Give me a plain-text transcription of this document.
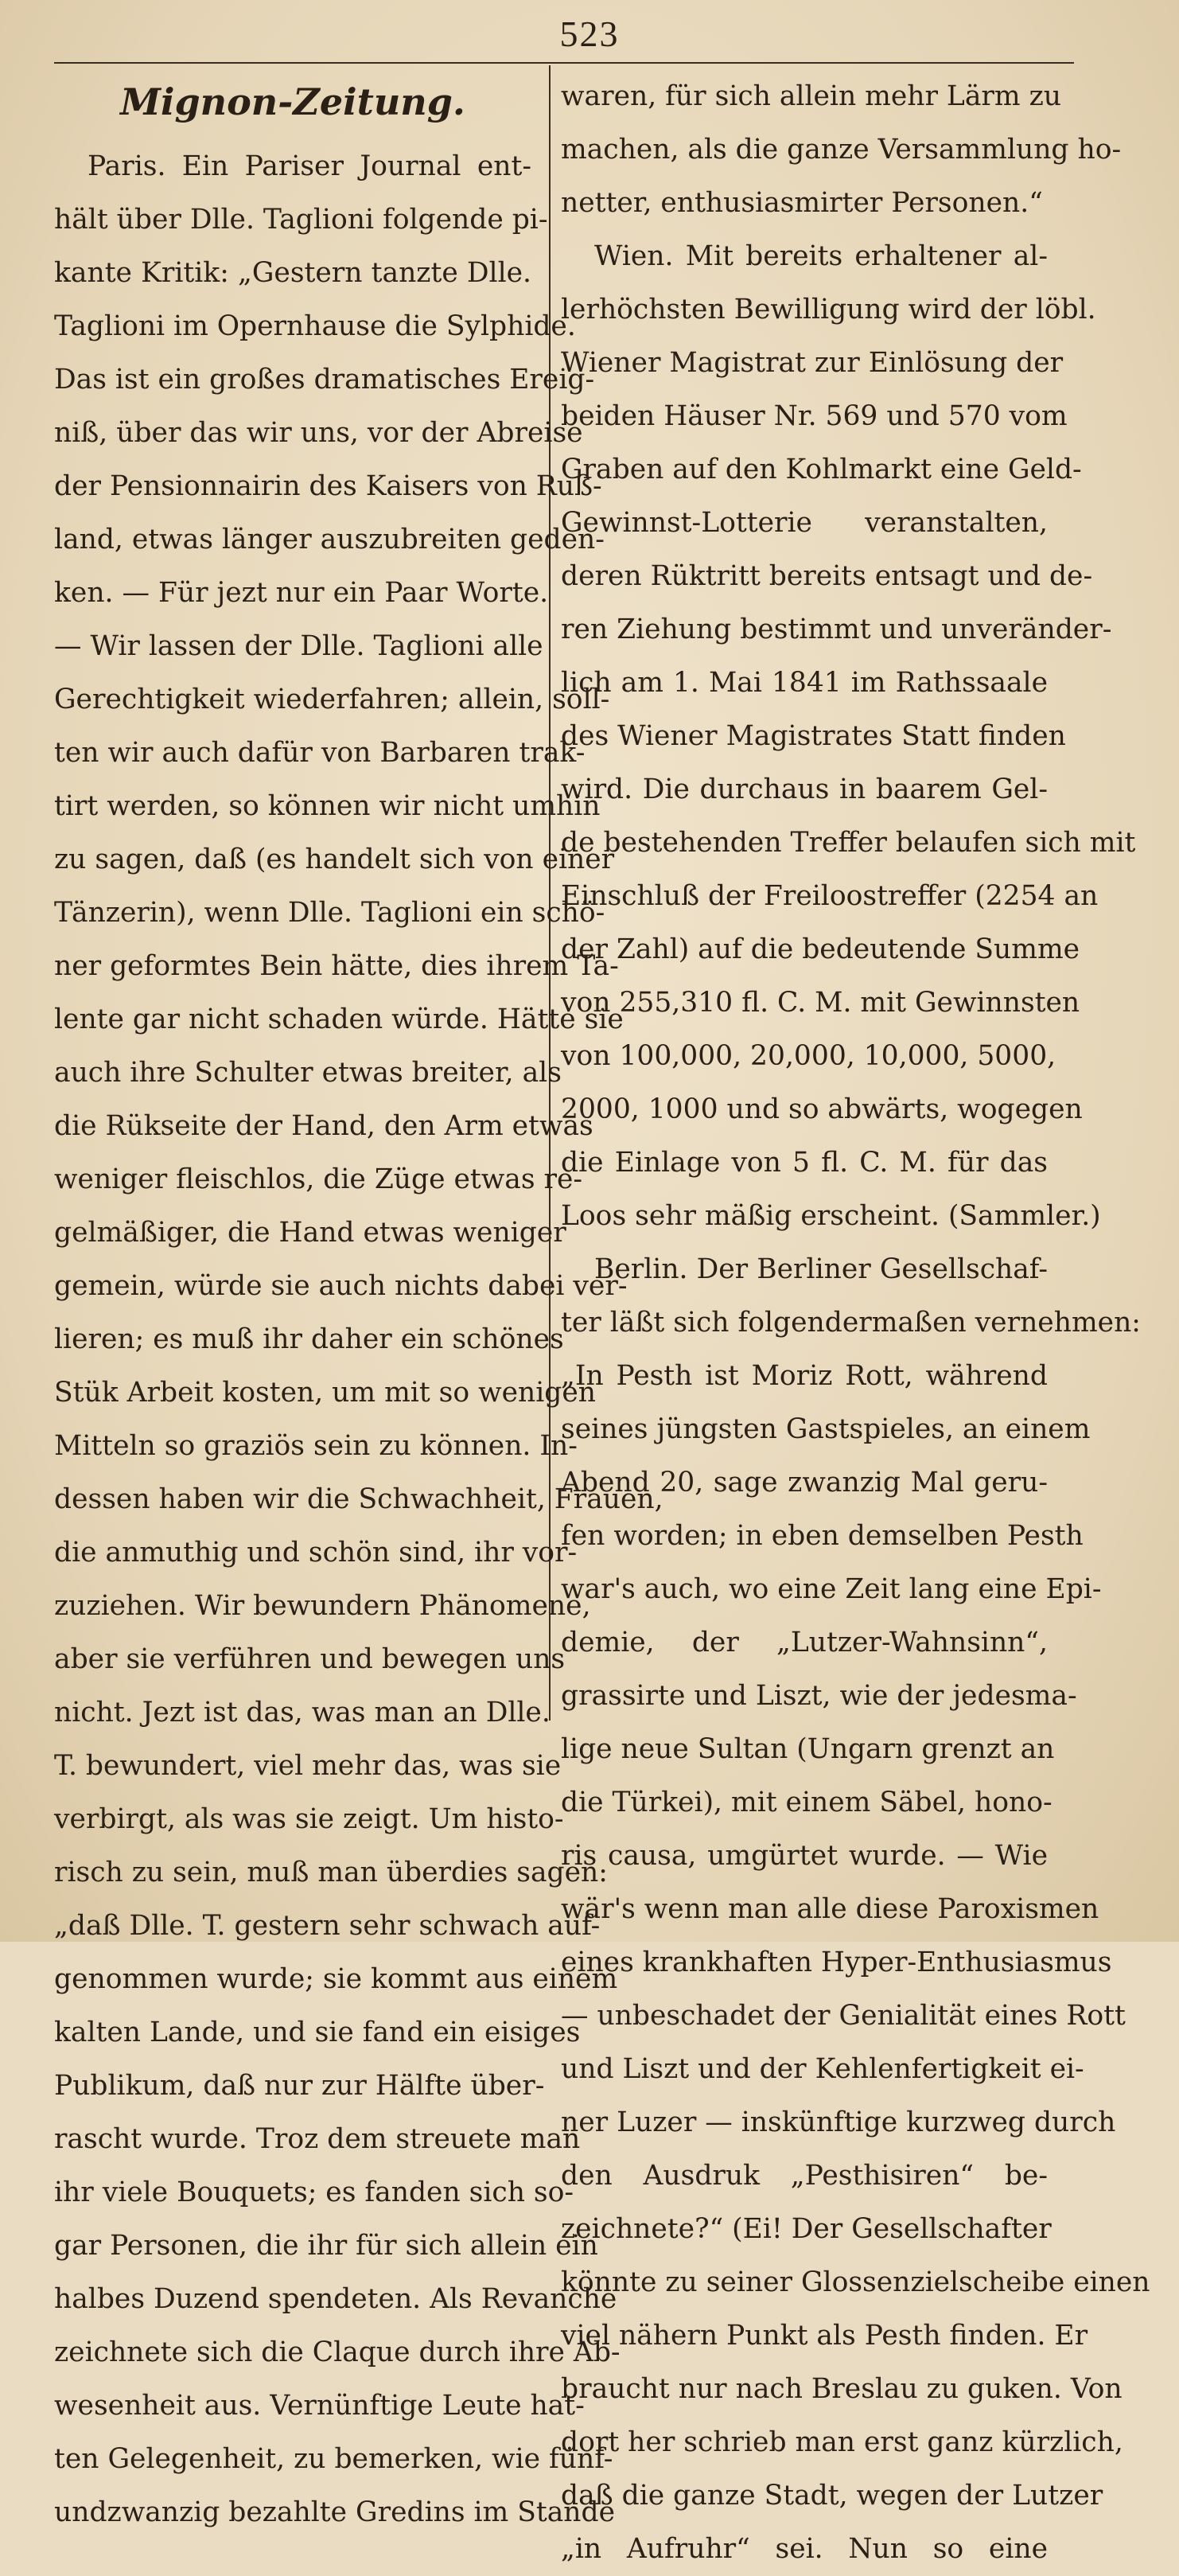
523
Mignon-Zeitung.
Paris. Ein Pariser Journal ent-
hält über Dlle. Taglioni folgende pi-
kante Kritik: „Gestern tanzte Dlle.
Taglioni im Opernhause die Sylphide.
Das ist ein großes dramatisches Ereig-
niß, über das wir uns, vor der Abreise
der Pensionnairin des Kaisers von Ruß-
land, etwas länger auszubreiten geden-
ken. — Für jezt nur ein Paar Worte.
— Wir lassen der Dlle. Taglioni alle
Gerechtigkeit wiederfahren; allein, soll-
ten wir auch dafür von Barbaren trak-
tirt werden, so können wir nicht umhin
zu sagen, daß (es handelt sich von einer
Tänzerin), wenn Dlle. Taglioni ein schö-
ner geformtes Bein hätte, dies ihrem Ta-
lente gar nicht schaden würde. Hätte sie
auch ihre Schulter etwas breiter, als
die Rükseite der Hand, den Arm etwas
weniger fleischlos, die Züge etwas re-
gelmäßiger, die Hand etwas weniger
gemein, würde sie auch nichts dabei ver-
lieren; es muß ihr daher ein schönes
Stük Arbeit kosten, um mit so wenigen
Mitteln so graziös sein zu können. In-
dessen haben wir die Schwachheit, Frauen,
die anmuthig und schön sind, ihr vor-
zuziehen. Wir bewundern Phänomene,
aber sie verführen und bewegen uns
nicht. Jezt ist das, was man an Dlle.
T. bewundert, viel mehr das, was sie
verbirgt, als was sie zeigt. Um histo-
risch zu sein, muß man überdies sagen:
„daß Dlle. T. gestern sehr schwach auf-
genommen wurde; sie kommt aus einem
kalten Lande, und sie fand ein eisiges
Publikum, daß nur zur Hälfte über-
rascht wurde. Troz dem streuete man
ihr viele Bouquets; es fanden sich so-
gar Personen, die ihr für sich allein ein
halbes Duzend spendeten. Als Revanche
zeichnete sich die Claque durch ihre Ab-
wesenheit aus. Vernünftige Leute hat-
ten Gelegenheit, zu bemerken, wie fünf-
undzwanzig bezahlte Gredins im Stande
waren, für sich allein mehr Lärm zu
machen, als die ganze Versammlung ho-
netter, enthusiasmirter Personen.“
Wien. Mit bereits erhaltener al-
lerhöchsten Bewilligung wird der löbl.
Wiener Magistrat zur Einlösung der
beiden Häuser Nr. 569 und 570 vom
Graben auf den Kohlmarkt eine Geld-
Gewinnst-Lotterie veranstalten,
deren Rüktritt bereits entsagt und de-
ren Ziehung bestimmt und unveränder-
lich am 1. Mai 1841 im Rathssaale
des Wiener Magistrates Statt finden
wird. Die durchaus in baarem Gel-
de bestehenden Treffer belaufen sich mit
Einschluß der Freiloostreffer (2254 an
der Zahl) auf die bedeutende Summe
von 255,310 fl. C. M. mit Gewinnsten
von 100,000, 20,000, 10,000, 5000,
2000, 1000 und so abwärts, wogegen
die Einlage von 5 fl. C. M. für das
Loos sehr mäßig erscheint. (Sammler.)
Berlin. Der Berliner Gesellschaf-
ter läßt sich folgendermaßen vernehmen:
„In Pesth ist Moriz Rott, während
seines jüngsten Gastspieles, an einem
Abend 20, sage zwanzig Mal geru-
fen worden; in eben demselben Pesth
war's auch, wo eine Zeit lang eine Epi-
demie, der „Lutzer-Wahnsinn“,
grassirte und Liszt, wie der jedesma-
lige neue Sultan (Ungarn grenzt an
die Türkei), mit einem Säbel, hono-
ris causa, umgürtet wurde. — Wie
wär's wenn man alle diese Paroxismen
eines krankhaften Hyper-Enthusiasmus
— unbeschadet der Genialität eines Rott
und Liszt und der Kehlenfertigkeit ei-
ner Luzer — inskünftige kurzweg durch
den Ausdruk „Pesthisiren“ be-
zeichnete?“ (Ei! Der Gesellschafter
könnte zu seiner Glossenzielscheibe einen
viel nähern Punkt als Pesth finden. Er
braucht nur nach Breslau zu guken. Von
dort her schrieb man erst ganz kürzlich,
daß die ganze Stadt, wegen der Lutzer
„in Aufruhr“ sei. Nun so eine
